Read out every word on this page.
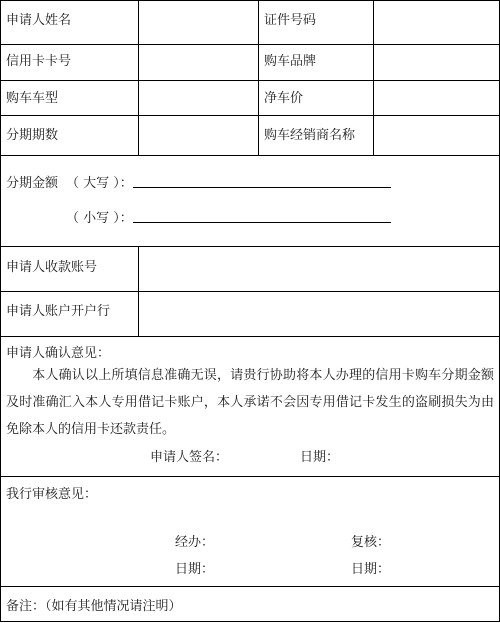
申请人姓名	证件号码
信用卡卡号	购车品牌
购车车型	净车价
分期期数	购车经销商名称
分期金额 （ 大写 ）：
（ 小写 ）：
申请人收款账号
申请人账户开户行
申请人确认意见：
本人确认以上所填信息准确无误，请贵行协助将本人办理的信用卡购车分期金额及时准确汇入本人专用借记卡账户，本人承诺不会因专用借记卡发生的盗刷损失为由免除本人的信用卡还款责任。
申请人签名：	日期：
我行审核意见：
经办：	复核：
日期：	日期：
备注：（如有其他情况请注明）
